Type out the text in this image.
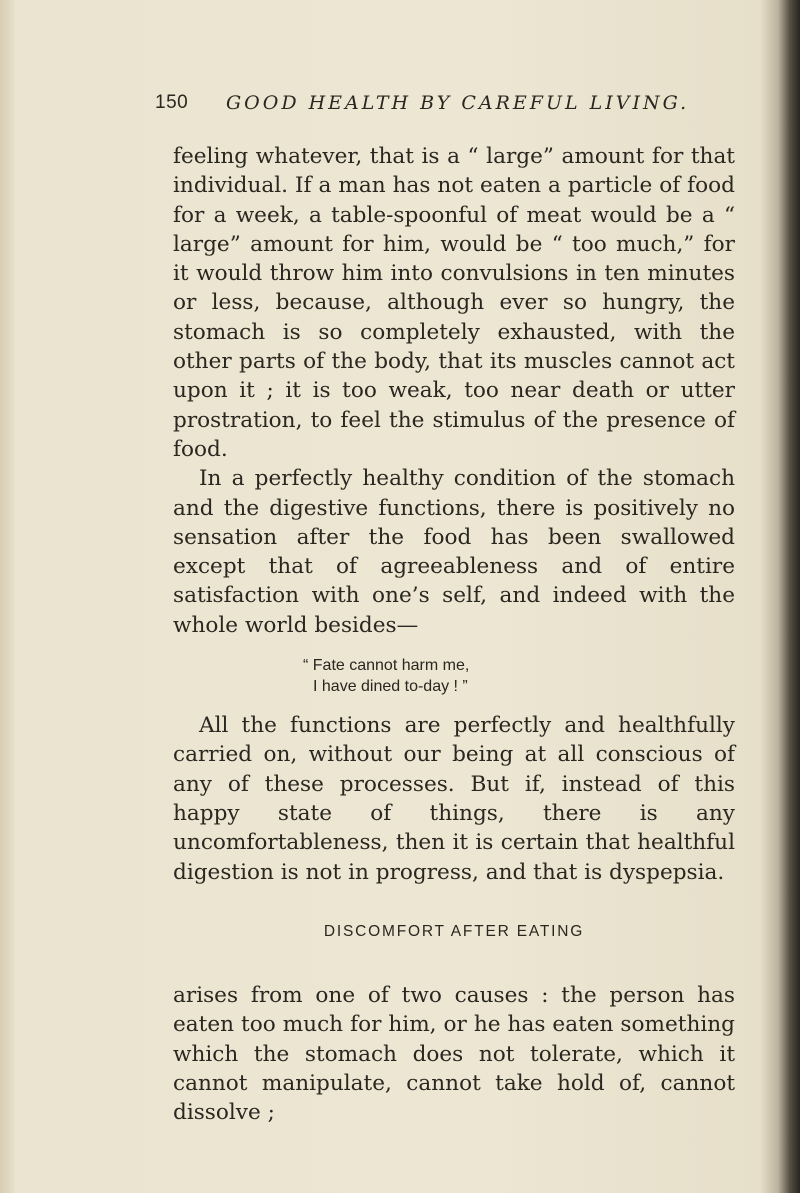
150 GOOD HEALTH BY CAREFUL LIVING.

feeling whatever, that is a “ large” amount for that individual. If a man has not eaten a particle of food for a week, a table-spoonful of meat would be a “ large” amount for him, would be “ too much,” for it would throw him into convulsions in ten minutes or less, because, although ever so hungry, the stomach is so completely exhausted, with the other parts of the body, that its muscles cannot act upon it ; it is too weak, too near death or utter prostration, to feel the stimulus of the presence of food.

In a perfectly healthy condition of the stomach and the digestive functions, there is positively no sensation after the food has been swallowed except that of agreeableness and of entire satisfaction with one’s self, and indeed with the whole world besides—

“ Fate cannot harm me,
I have dined to-day ! ”

All the functions are perfectly and healthfully carried on, without our being at all conscious of any of these processes. But if, instead of this happy state of things, there is any uncomfortableness, then it is certain that healthful digestion is not in progress, and that is dyspepsia.

DISCOMFORT AFTER EATING

arises from one of two causes : the person has eaten too much for him, or he has eaten something which the stomach does not tolerate, which it cannot manipulate, cannot take hold of, cannot dissolve ;
